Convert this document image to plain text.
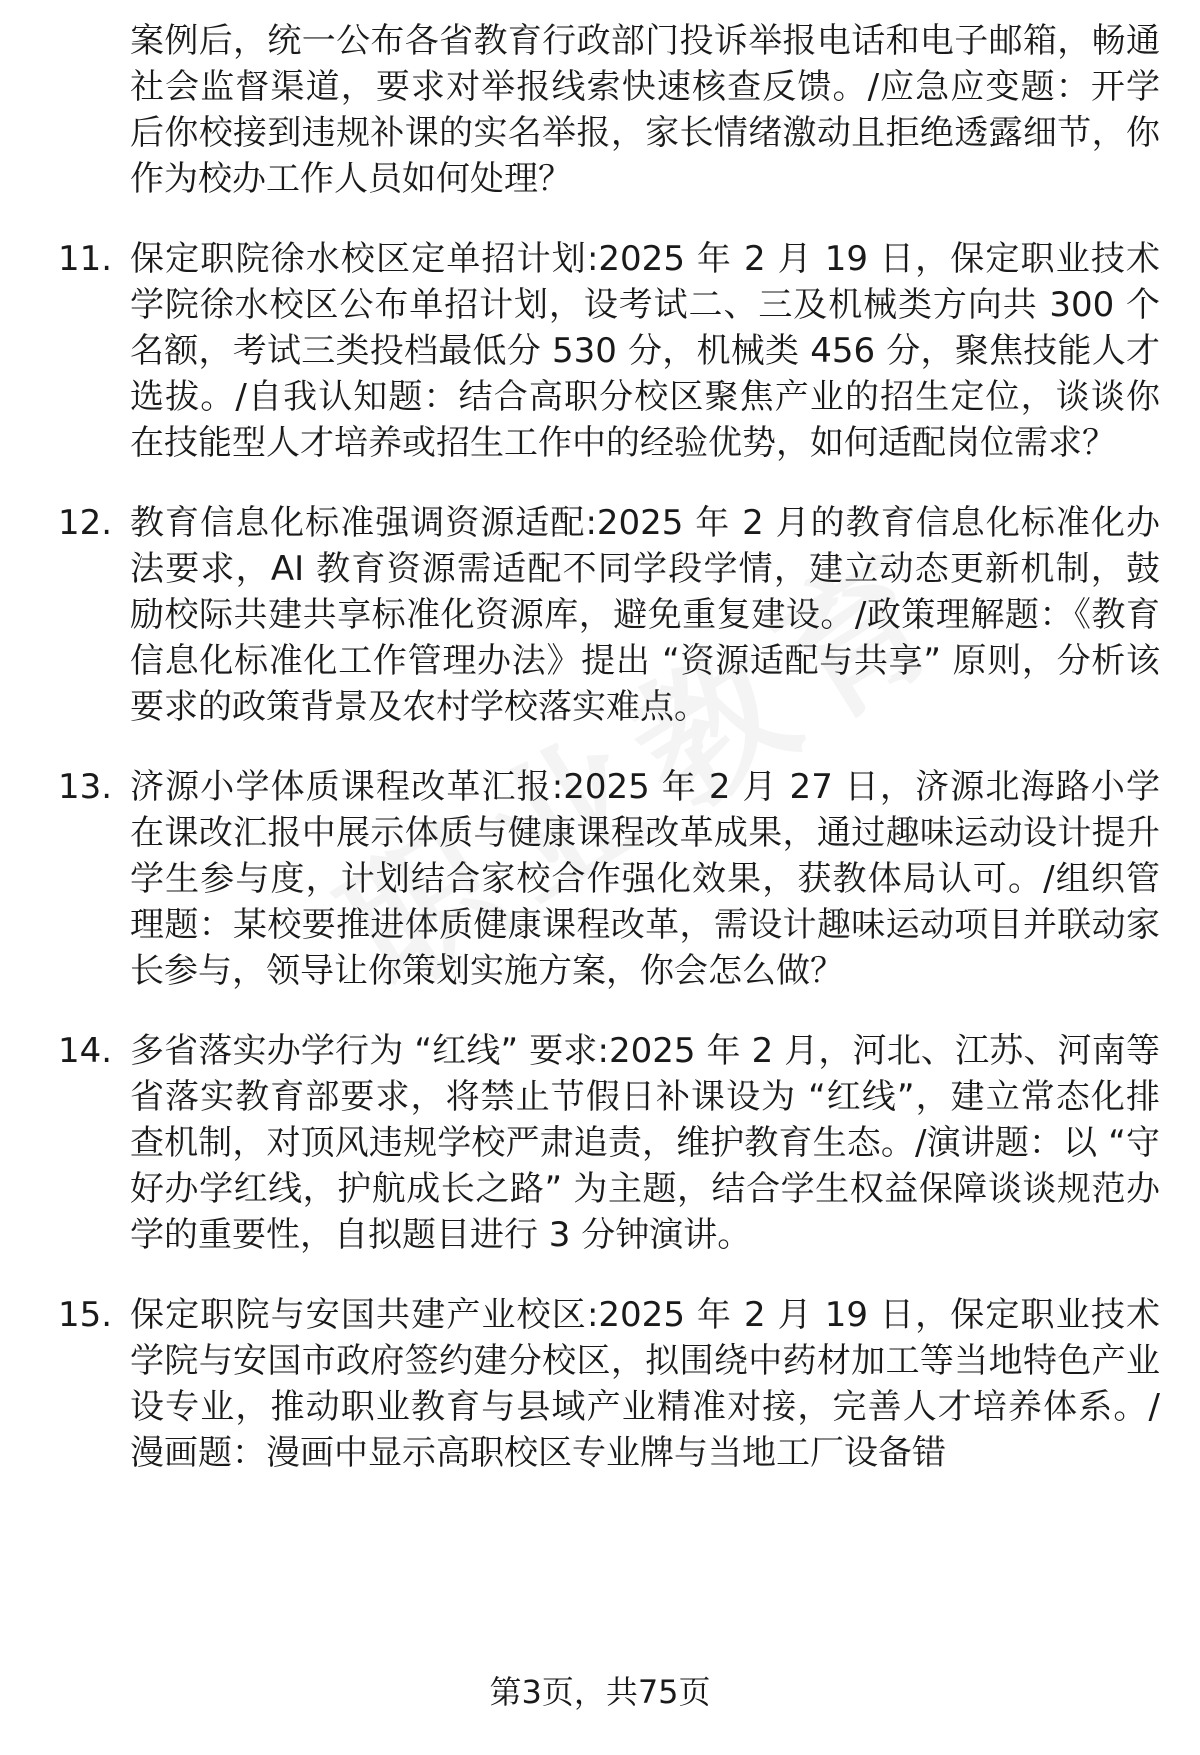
案例后，统一公布各省教育行政部门投诉举报电话和电子邮箱，畅通社会监督渠道，要求对举报线索快速核查反馈。/应急应变题：开学后你校接到违规补课的实名举报，家长情绪激动且拒绝透露细节，你作为校办工作人员如何处理？
11. 保定职院徐水校区定单招计划:2025 年 2 月 19 日，保定职业技术学院徐水校区公布单招计划，设考试二、三及机械类方向共 300 个名额，考试三类投档最低分 530 分，机械类 456 分，聚焦技能人才选拔。/自我认知题：结合高职分校区聚焦产业的招生定位，谈谈你在技能型人才培养或招生工作中的经验优势，如何适配岗位需求？
12. 教育信息化标准强调资源适配:2025 年 2 月的教育信息化标准化办法要求，AI 教育资源需适配不同学段学情，建立动态更新机制，鼓励校际共建共享标准化资源库，避免重复建设。/政策理解题：《教育信息化标准化工作管理办法》提出 “资源适配与共享” 原则，分析该要求的政策背景及农村学校落实难点。
13. 济源小学体质课程改革汇报:2025 年 2 月 27 日，济源北海路小学在课改汇报中展示体质与健康课程改革成果，通过趣味运动设计提升学生参与度，计划结合家校合作强化效果，获教体局认可。/组织管理题：某校要推进体质健康课程改革，需设计趣味运动项目并联动家长参与，领导让你策划实施方案，你会怎么做？
14. 多省落实办学行为 “红线” 要求:2025 年 2 月，河北、江苏、河南等省落实教育部要求，将禁止节假日补课设为 “红线”，建立常态化排查机制，对顶风违规学校严肃追责，维护教育生态。/演讲题：以 “守好办学红线，护航成长之路” 为主题，结合学生权益保障谈谈规范办学的重要性，自拟题目进行 3 分钟演讲。
15. 保定职院与安国共建产业校区:2025 年 2 月 19 日，保定职业技术学院与安国市政府签约建分校区，拟围绕中药材加工等当地特色产业设专业，推动职业教育与县域产业精准对接，完善人才培养体系。/漫画题：漫画中显示高职校区专业牌与当地工厂设备错
第3页，共75页
